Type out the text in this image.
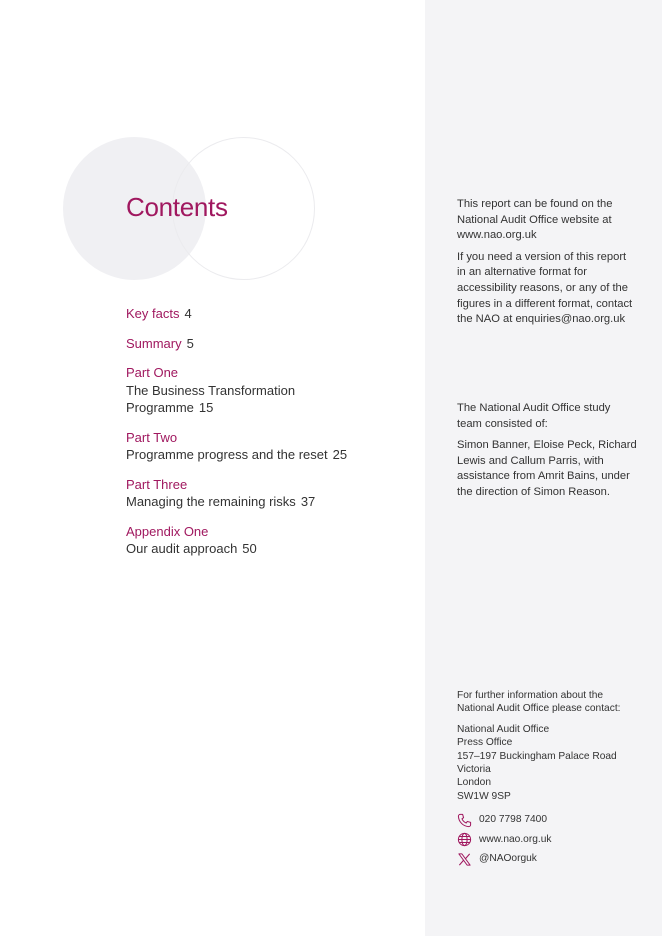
Contents
Key facts 4
Summary 5
Part One
The Business Transformation Programme 15
Part Two
Programme progress and the reset 25
Part Three
Managing the remaining risks 37
Appendix One
Our audit approach 50

This report can be found on the National Audit Office website at www.nao.org.uk

If you need a version of this report in an alternative format for accessibility reasons, or any of the figures in a different format, contact the NAO at enquiries@nao.org.uk

The National Audit Office study team consisted of:

Simon Banner, Eloise Peck, Richard Lewis and Callum Parris, with assistance from Amrit Bains, under the direction of Simon Reason.

For further information about the National Audit Office please contact:

National Audit Office
Press Office
157–197 Buckingham Palace Road
Victoria
London
SW1W 9SP

020 7798 7400
www.nao.org.uk
@NAOorguk
